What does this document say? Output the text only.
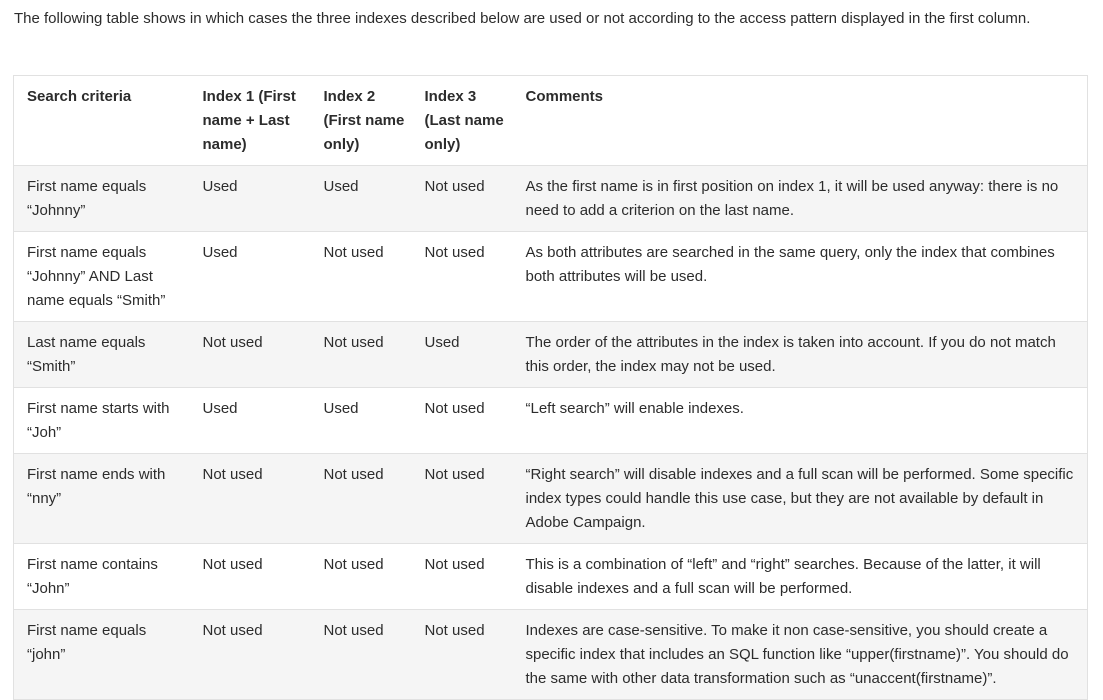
The following table shows in which cases the three indexes described below are used or not according to the access pattern displayed in the first column.

Search criteria	Index 1 (First name + Last name)	Index 2 (First name only)	Index 3 (Last name only)	Comments
First name equals “Johnny”	Used	Used	Not used	As the first name is in first position on index 1, it will be used anyway: there is no need to add a criterion on the last name.
First name equals “Johnny” AND Last name equals “Smith”	Used	Not used	Not used	As both attributes are searched in the same query, only the index that combines both attributes will be used.
Last name equals “Smith”	Not used	Not used	Used	The order of the attributes in the index is taken into account. If you do not match this order, the index may not be used.
First name starts with “Joh”	Used	Used	Not used	“Left search” will enable indexes.
First name ends with “nny”	Not used	Not used	Not used	“Right search” will disable indexes and a full scan will be performed. Some specific index types could handle this use case, but they are not available by default in Adobe Campaign.
First name contains “John”	Not used	Not used	Not used	This is a combination of “left” and “right” searches. Because of the latter, it will disable indexes and a full scan will be performed.
First name equals “john”	Not used	Not used	Not used	Indexes are case-sensitive. To make it non case-sensitive, you should create a specific index that includes an SQL function like “upper(firstname)”. You should do the same with other data transformation such as “unaccent(firstname)”.
